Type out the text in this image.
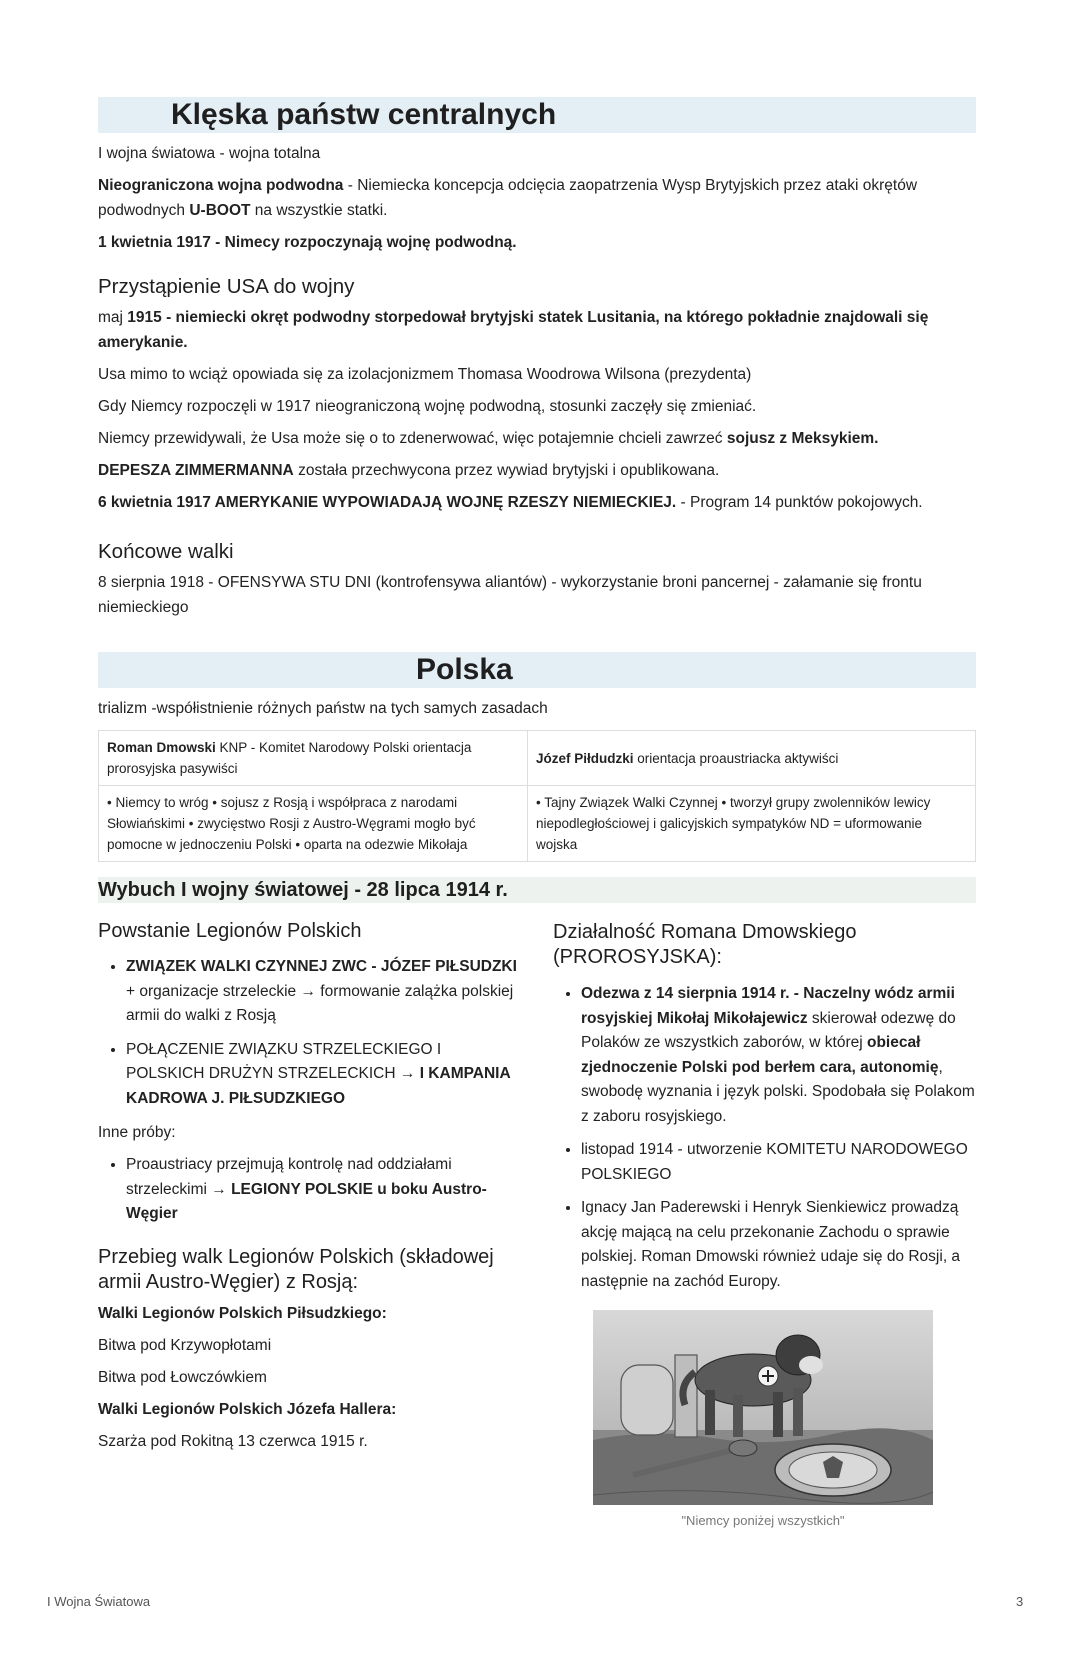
Klęska państw centralnych

I wojna światowa - wojna totalna

Nieograniczona wojna podwodna - Niemiecka koncepcja odcięcia zaopatrzenia Wysp Brytyjskich przez ataki okrętów podwodnych U-BOOT na wszystkie statki.

1 kwietnia 1917 - Nimecy rozpoczynają wojnę podwodną.

Przystąpienie USA do wojny

maj 1915 - niemiecki okręt podwodny storpedował brytyjski statek Lusitania, na którego pokładnie znajdowali się amerykanie.

Usa mimo to wciąż opowiada się za izolacjonizmem Thomasa Woodrowa Wilsona (prezydenta)

Gdy Niemcy rozpoczęli w 1917 nieograniczoną wojnę podwodną, stosunki zaczęły się zmieniać.

Niemcy przewidywali, że Usa może się o to zdenerwować, więc potajemnie chcieli zawrzeć sojusz z Meksykiem.

DEPESZA ZIMMERMANNA została przechwycona przez wywiad brytyjski i opublikowana.

6 kwietnia 1917 AMERYKANIE WYPOWIADAJĄ WOJNĘ RZESZY NIEMIECKIEJ. - Program 14 punktów pokojowych.

Końcowe walki

8 sierpnia 1918 - OFENSYWA STU DNI (kontrofensywa aliantów) - wykorzystanie broni pancernej - załamanie się frontu niemieckiego

Polska

trializm -współistnienie różnych państw na tych samych zasadach

Roman Dmowski KNP - Komitet Narodowy Polski orientacja prorosyjska pasywiści	Józef Piłdudzki orientacja proaustriacka aktywiści
• Niemcy to wróg • sojusz z Rosją i współpraca z narodami Słowiańskimi • zwycięstwo Rosji z Austro-Węgrami mogło być pomocne w jednoczeniu Polski • oparta na odezwie Mikołaja	• Tajny Związek Walki Czynnej • tworzył grupy zwolenników lewicy niepodległościowej i galicyjskich sympatyków ND = uformowanie wojska
Wybuch I wojny światowej - 28 lipca 1914 r.
Powstanie Legionów Polskich
• ZWIĄZEK WALKI CZYNNEJ ZWC - JÓZEF PIŁSUDZKI + organizacje strzeleckie → formowanie zalążka polskiej armii do walki z Rosją
• POŁĄCZENIE ZWIĄZKU STRZELECKIEGO I POLSKICH DRUŻYN STRZELECKICH → I KAMPANIA KADROWA J. PIŁSUDZKIEGO

Inne próby:

• Proaustriacy przejmują kontrolę nad oddziałami strzeleckimi → LEGIONY POLSKIE u boku Austro-Węgier
Przebieg walk Legionów Polskich (składowej armii Austro-Węgier) z Rosją:

Walki Legionów Polskich Piłsudzkiego:

Bitwa pod Krzywopłotami

Bitwa pod Łowczówkiem

Walki Legionów Polskich Józefa Hallera:

Szarża pod Rokitną 13 czerwca 1915 r.

Działalność Romana Dmowskiego (PROROSYJSKA):
• Odezwa z 14 sierpnia 1914 r. - Naczelny wódz armii rosyjskiej Mikołaj Mikołajewicz skierował odezwę do Polaków ze wszystkich zaborów, w której obiecał zjednoczenie Polski pod berłem cara, autonomię, swobodę wyznania i język polski. Spodobała się Polakom z zaboru rosyjskiego.
• listopad 1914 - utworzenie KOMITETU NARODOWEGO POLSKIEGO
• Ignacy Jan Paderewski i Henryk Sienkiewicz prowadzą akcję mającą na celu przekonanie Zachodu o sprawie polskiej. Roman Dmowski również udaje się do Rosji, a następnie na zachód Europy.
"Niemcy poniżej wszystkich"
I Wojna Światowa	3
